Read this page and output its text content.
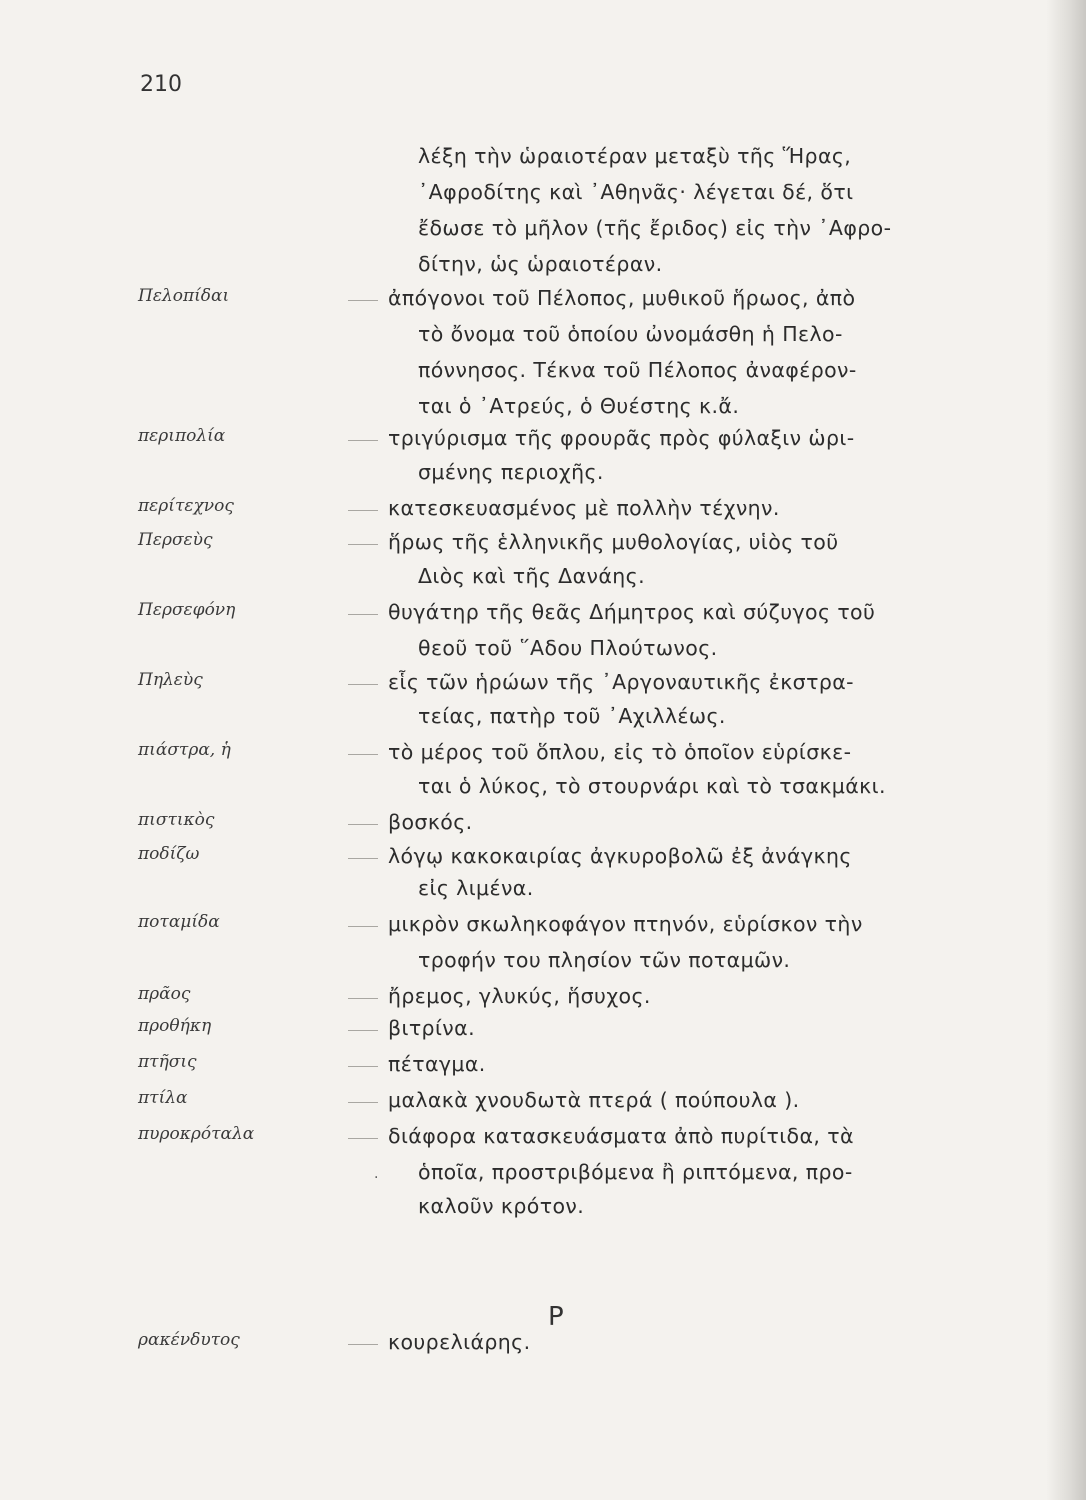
210
λέξη τὴν ὡραιοτέραν μεταξὺ τῆς Ἥρας,
᾿Αφροδίτης καὶ ᾿Αθηνᾶς· λέγεται δέ, ὅτι
ἔδωσε τὸ μῆλον (τῆς ἔριδος) εἰς τὴν ᾿Αφρο-
δίτην, ὡς ὡραιοτέραν.
Πελοπίδαι	ἀπόγονοι τοῦ Πέλοπος, μυθικοῦ ἥρωος, ἀπὸ
τὸ ὄνομα τοῦ ὁποίου ὠνομάσθη ἡ Πελο-
πόννησος. Τέκνα τοῦ Πέλοπος ἀναφέρον-
ται ὁ ᾿Ατρεύς, ὁ Θυέστης κ.ἄ.
περιπολία	τριγύρισμα τῆς φρουρᾶς πρὸς φύλαξιν ὡρι-
σμένης περιοχῆς.
περίτεχνος	κατεσκευασμένος μὲ πολλὴν τέχνην.
Περσεὺς	ἥρως τῆς ἑλληνικῆς μυθολογίας, υἱὸς τοῦ
Διὸς καὶ τῆς Δανάης.
Περσεφόνη	θυγάτηρ τῆς θεᾶς Δήμητρος καὶ σύζυγος τοῦ
θεοῦ τοῦ ῞Αδου Πλούτωνος.
Πηλεὺς	εἷς τῶν ἡρώων τῆς ᾿Αργοναυτικῆς ἐκστρα-
τείας, πατὴρ τοῦ ᾿Αχιλλέως.
πιάστρα, ἡ	τὸ μέρος τοῦ ὅπλου, εἰς τὸ ὁποῖον εὑρίσκε-
ται ὁ λύκος, τὸ στουρνάρι καὶ τὸ τσακμάκι.
πιστικὸς	βοσκός.
ποδίζω	λόγῳ κακοκαιρίας ἀγκυροβολῶ ἐξ ἀνάγκης
εἰς λιμένα.
ποταμίδα	μικρὸν σκωληκοφάγον πτηνόν, εὑρίσκον τὴν
τροφήν του πλησίον τῶν ποταμῶν.
πρᾶος	ἤρεμος, γλυκύς, ἥσυχος.
προθήκη	βιτρίνα.
πτῆσις	πέταγμα.
πτίλα	μαλακὰ χνουδωτὰ πτερά ( πούπουλα ).
πυροκρόταλα	διάφορα κατασκευάσματα ἀπὸ πυρίτιδα, τὰ
· ὁποῖα, προστριβόμενα ἢ ριπτόμενα, προ-
καλοῦν κρότον.
Ρ
ρακένδυτος	κουρελιάρης.
